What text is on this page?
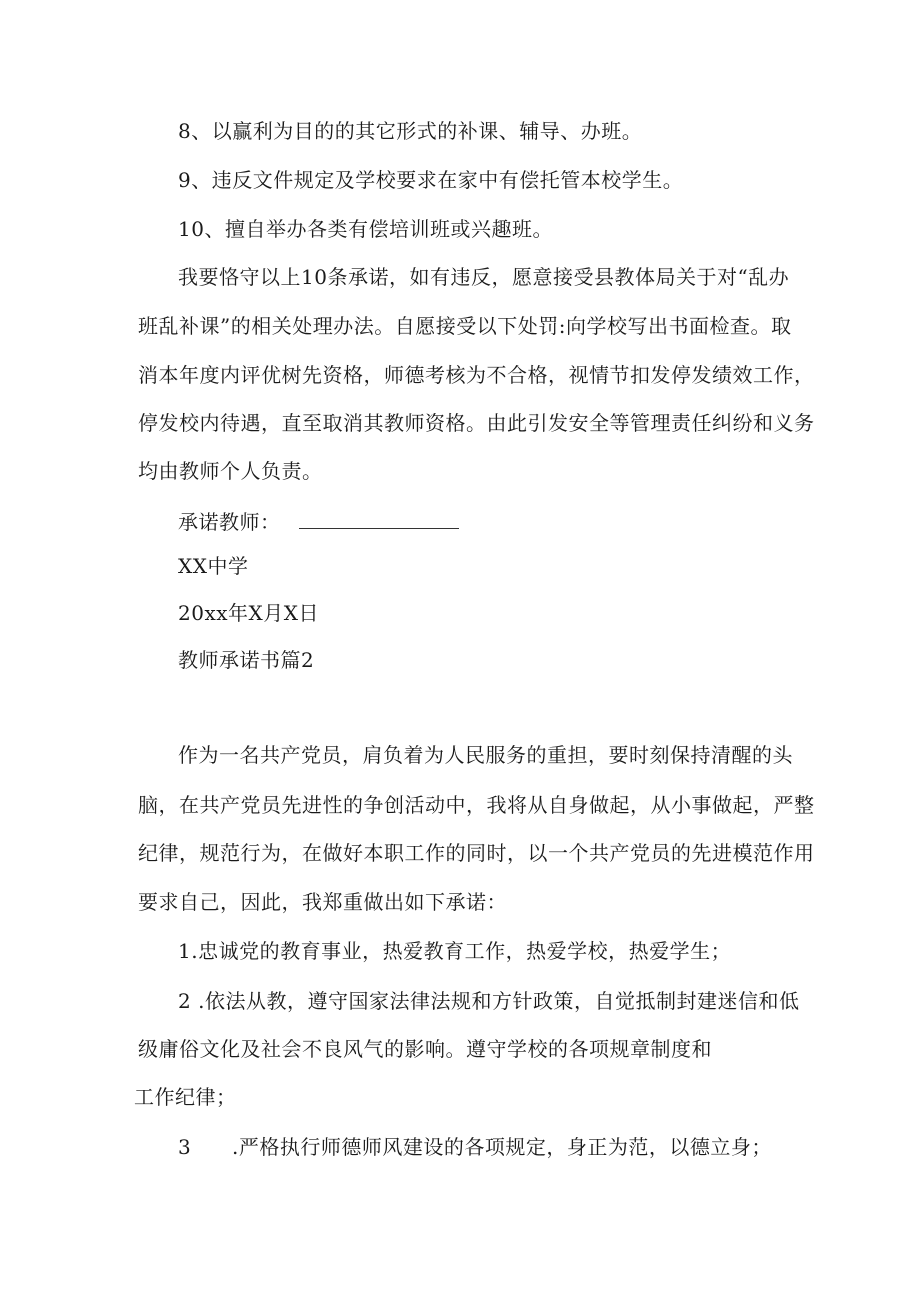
8、以赢利为目的的其它形式的补课、辅导、办班。
9、违反文件规定及学校要求在家中有偿托管本校学生。
10、擅自举办各类有偿培训班或兴趣班。
我要恪守以上10条承诺，如有违反，愿意接受县教体局关于对“乱办
班乱补课”的相关处理办法。自愿接受以下处罚:向学校写出书面检查。取
消本年度内评优树先资格，师德考核为不合格，视情节扣发停发绩效工作，
停发校内待遇，直至取消其教师资格。由此引发安全等管理责任纠纷和义务
均由教师个人负责。
承诺教师：
XX中学
20xx年X月X日
教师承诺书篇2
作为一名共产党员，肩负着为人民服务的重担，要时刻保持清醒的头
脑，在共产党员先进性的争创活动中，我将从自身做起，从小事做起，严整
纪律，规范行为，在做好本职工作的同时，以一个共产党员的先进模范作用
要求自己，因此，我郑重做出如下承诺：
1.忠诚党的教育事业，热爱教育工作，热爱学校，热爱学生；
2 .依法从教，遵守国家法律法规和方针政策，自觉抵制封建迷信和低
级庸俗文化及社会不良风气的影响。遵守学校的各项规章制度和
工作纪律；
3 .严格执行师德师风建设的各项规定，身正为范，以德立身；
